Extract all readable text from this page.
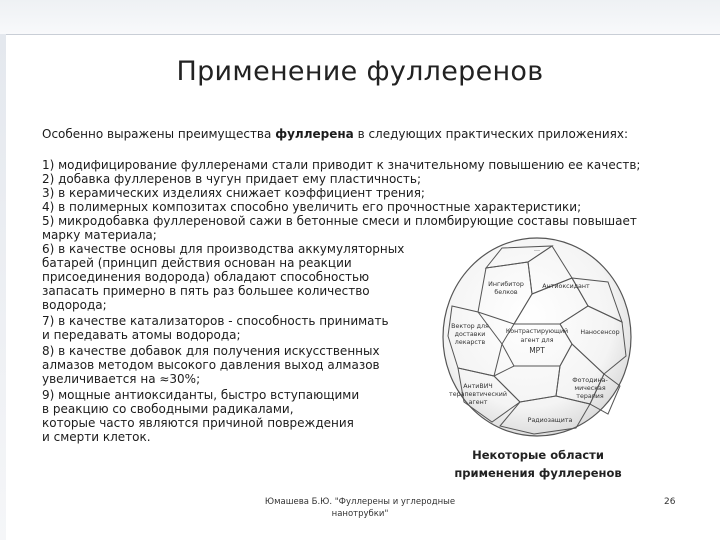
Применение фуллеренов
Особенно выражены преимущества фуллерена в следующих практических приложениях:
1) модифицирование фуллеренами стали приводит к значительному повышению ее качеств;
2) добавка фуллеренов в чугун придает ему пластичность;
3) в керамических изделиях снижает коэффициент трения;
4) в полимерных композитах способно увеличить его прочностные характеристики;
5) микродобавка фуллереновой сажи в бетонные смеси и пломбирующие составы повышает
марку материала;
6) в качестве основы для производства аккумуляторных
батарей (принцип действия основан на реакции
присоединения водорода) обладают способностью
запасать примерно в пять раз большее количество
водорода;
7) в качестве катализаторов - способность принимать
и передавать атомы водорода;
8) в качестве добавок для получения искусственных
алмазов методом высокого давления выход алмазов
увеличивается на ≈30%;
9) мощные антиоксиданты, быстро вступающими
в реакцию со свободными радикалами,
которые часто являются причиной повреждения
и смерти клеток.
...
Ингибитор
белков
Антиоксидант
Вектор для
доставки
лекарств
Контрастирующий
агент для
МРТ
Наносенсор
АнтиВИЧ
терапевтический
агент
Фотодина-
мическая
терапия
Радиозащита
Некоторые области
применения фуллеренов
Юмашева Б.Ю. "Фуллерены и углеродные
нанотрубки"
26
